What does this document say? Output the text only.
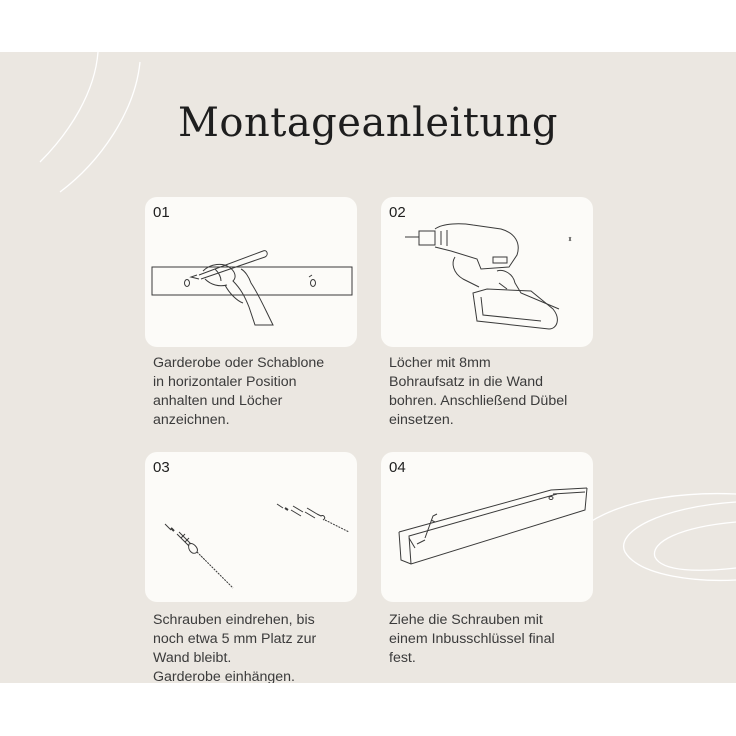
Montageanleitung
01

Garderobe oder Schablone
in horizontaler Position
anhalten und Löcher
anzeichnen.

02

Löcher mit 8mm
Bohraufsatz in die Wand
bohren. Anschließend Dübel
einsetzen.

03

Schrauben eindrehen, bis
noch etwa 5 mm Platz zur
Wand bleibt.
Garderobe einhängen.

04

Ziehe die Schrauben mit
einem Inbusschlüssel final
fest.
